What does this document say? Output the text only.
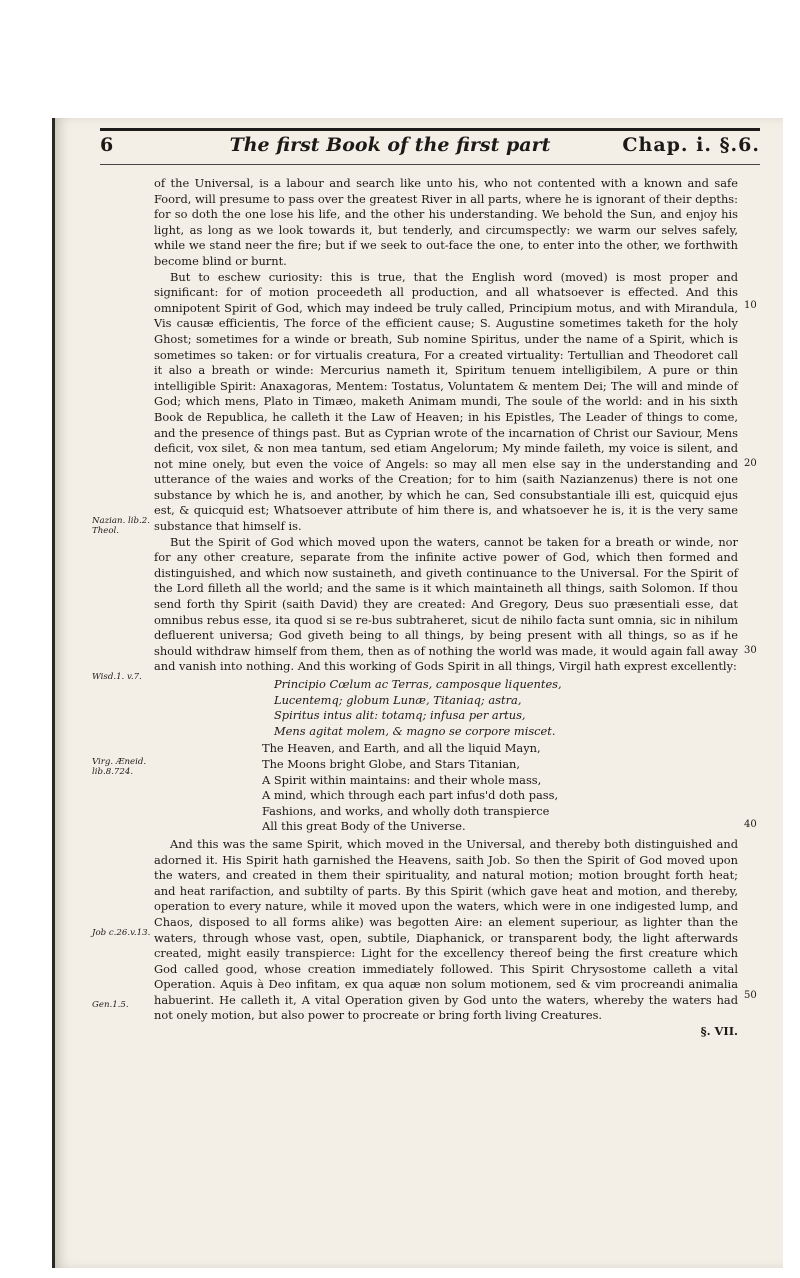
6	The first Book of the first part	Chap. i. §.6.

of the Universal, is a labour and search like unto his, who not contented with a known and safe Foord, will presume to pass over the greatest River in all parts, where he is ignorant of their depths: for so doth the one lose his life, and the other his understanding. We behold the Sun, and enjoy his light, as long as we look towards it, but tenderly, and circumspectly: we warm our selves safely, while we stand neer the fire; but if we seek to out-face the one, to enter into the other, we forthwith become blind or burnt.

But to eschew curiosity: this is true, that the English word (moved) is most proper and significant: for of motion proceedeth all production, and all whatsoever is effected. And this omnipotent Spirit of God, which may indeed be truly called, Principium motus, and with Mirandula, Vis causæ efficientis, The force of the efficient cause; S. Augustine sometimes taketh for the holy Ghost; sometimes for a winde or breath, Sub nomine Spiritus, under the name of a Spirit, which is sometimes so taken: or for virtualis creatura, For a created virtuality: Tertullian and Theodoret call it also a breath or winde: Mercurius nameth it, Spiritum tenuem intelligibilem, A pure or thin intelligible Spirit: Anaxagoras, Mentem: Tostatus, Voluntatem & mentem Dei; The will and minde of God; which mens, Plato in Timæo, maketh Animam mundi, The soule of the world: and in his sixth Book de Republica, he calleth it the Law of Heaven; in his Epistles, The Leader of things to come, and the presence of things past. But as Cyprian wrote of the incarnation of Christ our Saviour, Mens deficit, vox silet, & non mea tantum, sed etiam Angelorum; My minde faileth, my voice is silent, and not mine onely, but even the voice of Angels: so may all men else say in the understanding and utterance of the waies and works of the Creation; for to him (saith Nazianzenus) there is not one substance by which he is, and another, by which he can, Sed consubstantiale illi est, quicquid ejus est, & quicquid est; Whatsoever attribute of him there is, and whatsoever he is, it is the very same substance that himself is.

But the Spirit of God which moved upon the waters, cannot be taken for a breath or winde, nor for any other creature, separate from the infinite active power of God, which then formed and distinguished, and which now sustaineth, and giveth continuance to the Universal. For the Spirit of the Lord filleth all the world; and the same is it which maintaineth all things, saith Solomon. If thou send forth thy Spirit (saith David) they are created: And Gregory, Deus suo præsentiali esse, dat omnibus rebus esse, ita quod si se re-bus subtraheret, sicut de nihilo facta sunt omnia, sic in nihilum defluerent universa; God giveth being to all things, by being present with all things, so as if he should withdraw himself from them, then as of nothing the world was made, it would again fall away and vanish into nothing. And this working of Gods Spirit in all things, Virgil hath exprest excellently:

Principio Cœlum ac Terras, camposque liquentes,
Lucentemq; globum Lunæ, Titaniaq; astra,
Spiritus intus alit: totamq; infusa per artus,
Mens agitat molem, & magno se corpore miscet.
The Heaven, and Earth, and all the liquid Mayn,
The Moons bright Globe, and Stars Titanian,
A Spirit within maintains: and their whole mass,
A mind, which through each part infus'd doth pass,
Fashions, and works, and wholly doth transpierce
All this great Body of the Universe.

And this was the same Spirit, which moved in the Universal, and thereby both distinguished and adorned it. His Spirit hath garnished the Heavens, saith Job. So then the Spirit of God moved upon the waters, and created in them their spirituality, and natural motion; motion brought forth heat; and heat rarifaction, and subtilty of parts. By this Spirit (which gave heat and motion, and thereby, operation to every nature, while it moved upon the waters, which were in one indigested lump, and Chaos, disposed to all forms alike) was begotten Aire: an element superiour, as lighter than the waters, through whose vast, open, subtile, Diaphanick, or transparent body, the light afterwards created, might easily transpierce: Light for the excellency thereof being the first creature which God called good, whose creation immediately followed. This Spirit Chrysostome calleth a vital Operation. Aquis à Deo infitam, ex qua aquæ non solum motionem, sed & vim procreandi animalia habuerint. He calleth it, A vital Operation given by God unto the waters, whereby the waters had not onely motion, but also power to procreate or bring forth living Creatures.

§. VII.
Nazian. lib.2. Theol.
Wisd.1. v.7.
Virg. Æneid. lib.8.724.
Job c.26.v.13.
Gen.1.5.
10
20
30
40
50
